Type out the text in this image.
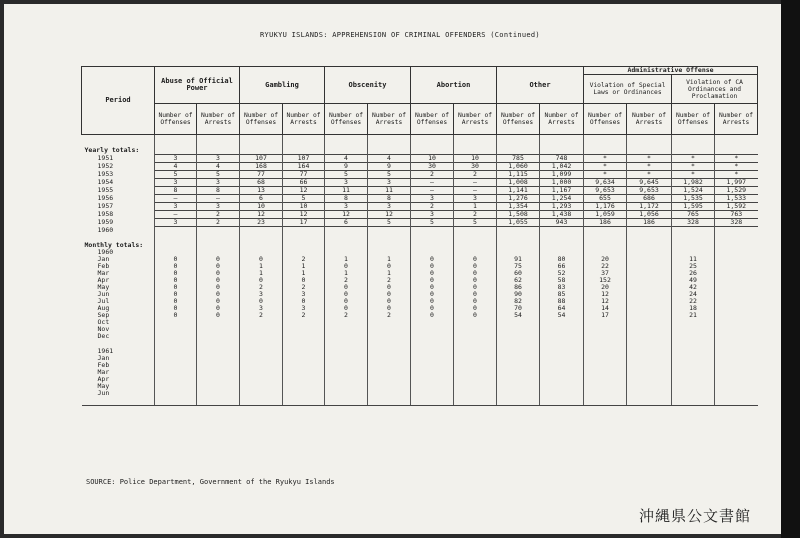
RYUKYU ISLANDS: APPREHENSION OF CRIMINAL OFFENDERS (Continued)
Period	Abuse of Official Power		Gambling		Obscenity		Abortion		Other		Administrative Offense			
											Violation of Special Laws or Ordinances		Violation of CA Ordinances and Proclamation	
	Number of Offenses	Number of Arrests	Number of Offenses	Number of Arrests	Number of Offenses	Number of Arrests	Number of Offenses	Number of Arrests	Number of Offenses	Number of Arrests	Number of Offenses	Number of Arrests	Number of Offenses	Number of Arrests

Yearly totals:														
1951	3	3	107	107	4	4	10	10	785	748	*	*	*	*
1952	4	4	168	164	9	9	30	30	1,060	1,042	*	*	*	*
1953	5	5	77	77	5	5	2	2	1,115	1,099	*	*	*	*
1954	3	3	68	66	3	3	–	–	1,008	1,000	9,634	9,645	1,982	1,997
1955	8	8	13	12	11	11	–	–	1,141	1,167	9,653	9,653	1,524	1,529
1956	–	–	6	5	8	8	3	3	1,276	1,254	655	686	1,535	1,533
1957	3	3	10	10	3	3	2	1	1,354	1,293	1,176	1,172	1,595	1,592
1958	–	2	12	12	12	12	3	2	1,508	1,438	1,059	1,056	765	763
1959	3	2	23	17	6	5	5	5	1,055	943	186	186	328	328
1960														

Monthly totals:														
1960														
Jan	0	0	0	2	1	1	0	0	91	80	20		11	
Feb	0	0	1	1	0	0	0	0	75	66	22		25	
Mar	0	0	1	1	1	1	0	0	60	52	37		26	
Apr	0	0	0	0	2	2	0	0	62	58	152		49	
May	0	0	2	2	0	0	0	0	86	83	20		42	
Jun	0	0	3	3	0	0	0	0	90	85	12		24	
Jul	0	0	0	0	0	0	0	0	82	88	12		22	
Aug	0	0	3	3	0	0	0	0	70	64	14		18	
Sep	0	0	2	2	2	2	0	0	54	54	17		21	
Oct														
Nov														
Dec														

1961														
Jan														
Feb														
Mar														
Apr														
May														
Jun														

SOURCE: Police Department, Government of the Ryukyu Islands
沖縄県公文書館
